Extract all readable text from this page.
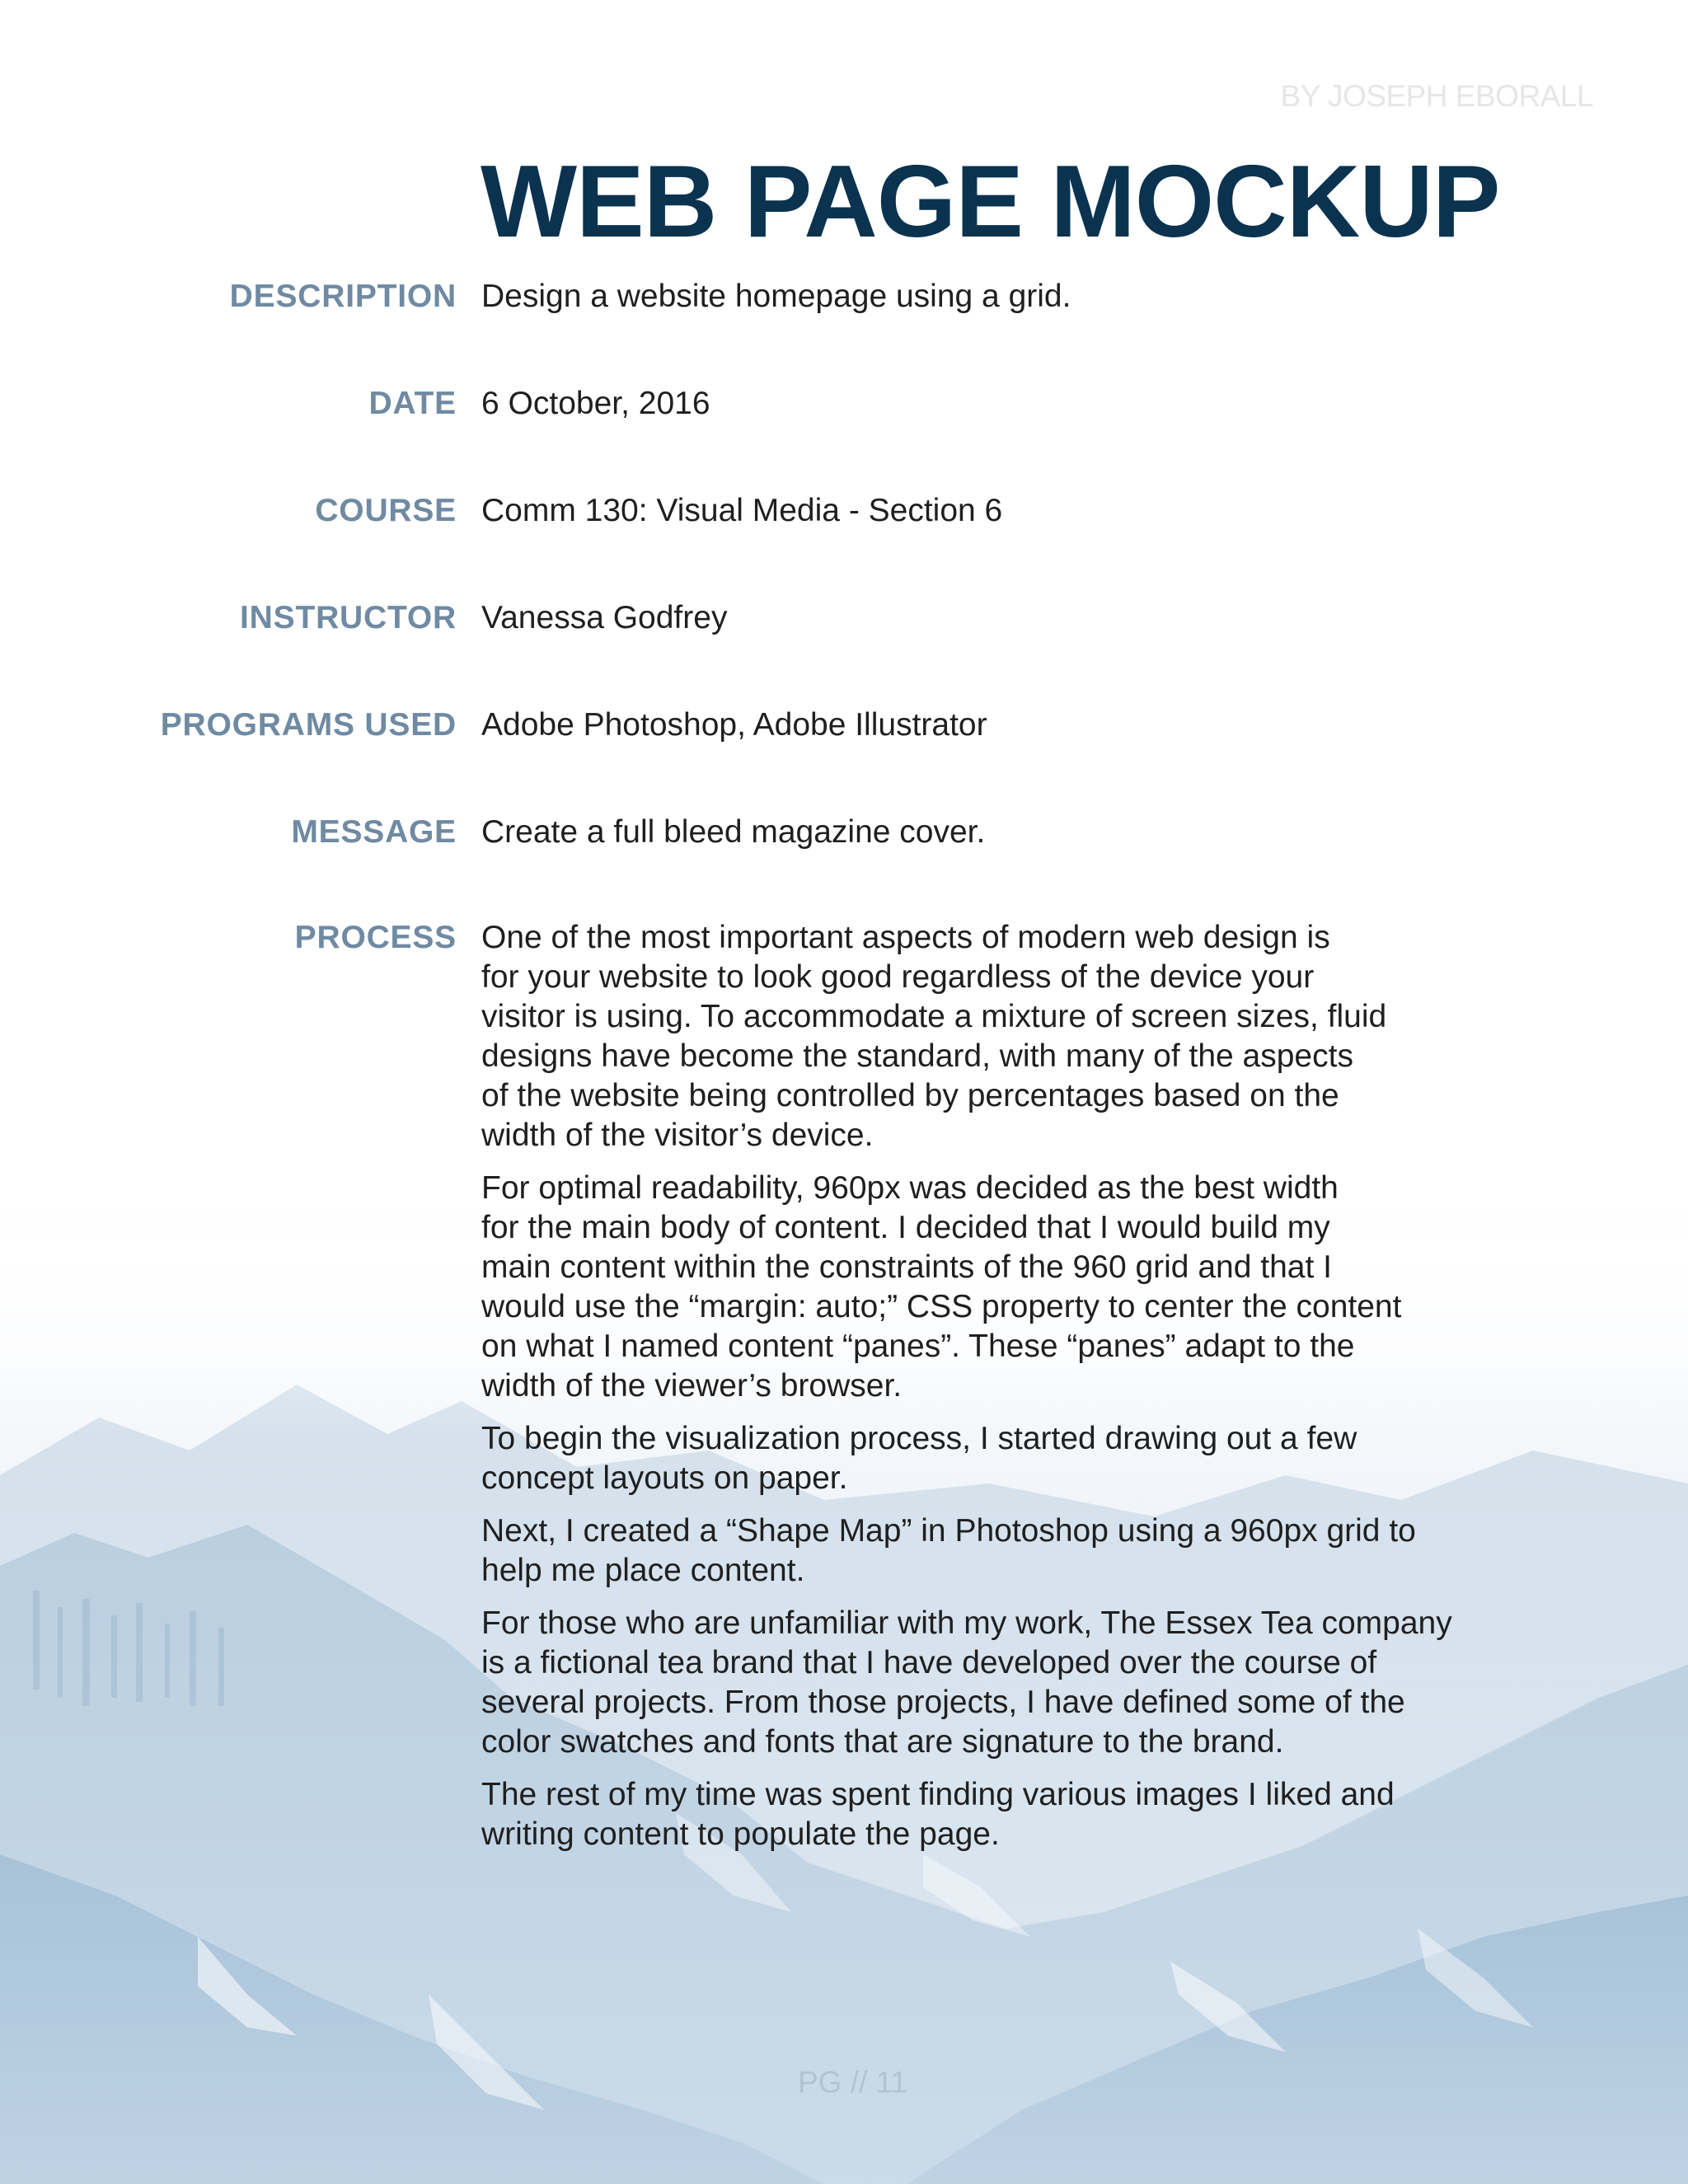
BY JOSEPH EBORALL
WEB PAGE MOCKUP
DESCRIPTION Design a website homepage using a grid.
DATE 6 October, 2016
COURSE Comm 130: Visual Media - Section 6
INSTRUCTOR Vanessa Godfrey
PROGRAMS USED Adobe Photoshop, Adobe Illustrator
MESSAGE Create a full bleed magazine cover.
PROCESS One of the most important aspects of modern web design is
for your website to look good regardless of the device your
visitor is using. To accommodate a mixture of screen sizes, fluid
designs have become the standard, with many of the aspects
of the website being controlled by percentages based on the
width of the visitor’s device.

For optimal readability, 960px was decided as the best width
for the main body of content. I decided that I would build my
main content within the constraints of the 960 grid and that I
would use the “margin: auto;” CSS property to center the content
on what I named content “panes”. These “panes” adapt to the
width of the viewer’s browser.

To begin the visualization process, I started drawing out a few
concept layouts on paper.

Next, I created a “Shape Map” in Photoshop using a 960px grid to
help me place content.

For those who are unfamiliar with my work, The Essex Tea company
is a fictional tea brand that I have developed over the course of
several projects. From those projects, I have defined some of the
color swatches and fonts that are signature to the brand.

The rest of my time was spent finding various images I liked and
writing content to populate the page.

PG // 11
